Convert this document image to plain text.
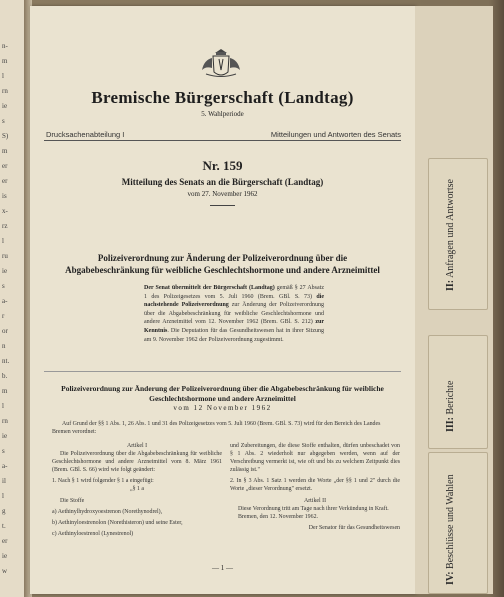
n-
m
l
rn
ie
s
S)
m
er
er
is
x-
rz
l
ru
ie
s
a-
r
or
n
nt.
b.
m
l
rn
ie
s
a-
il
l
g
t.
er
ie
w
Bremische Bürgerschaft (Landtag)
5. Wahlperiode
Drucksachenabteilung I	Mitteilungen und Antworten des Senats
Nr. 159
Mitteilung des Senats an die Bürgerschaft (Landtag)
vom 27. November 1962
Polizeiverordnung zur Änderung der Polizeiverordnung über die
Abgabebeschränkung für weibliche Geschlechtshormone und andere Arzneimittel
Der Senat übermittelt der Bürgerschaft (Landtag) gemäß § 27 Absatz 1 des Polizeigesetzes vom 5. Juli 1960 (Brem. GBl. S. 73) die nachstehende Polizeiverordnung zur Änderung der Polizeiverordnung über die Abgabebeschränkung für weibliche Geschlechtshormone und andere Arzneimittel vom 12. November 1962 (Brem. GBl. S. 212) zur Kenntnis. Die Deputation für das Gesundheitswesen hat in ihrer Sitzung am 9. November 1962 der Polizeiverordnung zugestimmt.
Polizeiverordnung zur Änderung der Polizeiverordnung über die Abgabebeschränkung für weibliche
Geschlechtshormone und andere Arzneimittel
vom 12 November 1962
Auf Grund der §§ 1 Abs. 1, 26 Abs. 1 und 31 des Polizeigesetzes vom 5. Juli 1960 (Brem. GBl. S. 73) wird für den Bereich des Landes Bremen verordnet:

Artikel I

Die Polizeiverordnung über die Abgabebeschränkung für weibliche Geschlechtshormone und andere Arzneimittel vom 8. März 1961 (Brem. GBl. S. 66) wird wie folgt geändert:

1. Nach § 1 wird folgender § 1 a eingefügt:

„§ 1 a

Die Stoffe

a) Aethinylhydroxyoestrenon (Norethynodrel),

b) Aethinyloestrenolon (Norethisteron) und seine Ester,

c) Aethinyloestrenol (Lynestrenol)

und Zubereitungen, die diese Stoffe enthalten, dürfen unbeschadet von § 1 Abs. 2 wiederholt nur abgegeben werden, wenn auf der Verschreibung vermerkt ist, wie oft und bis zu welchem Zeitpunkt dies zulässig ist."

2. In § 3 Abs. 1 Satz 1 werden die Worte „der §§ 1 und 2" durch die Worte „dieser Verordnung" ersetzt.

Artikel II

Diese Verordnung tritt am Tage nach ihrer Verkündung in Kraft.

Bremen, den 12. November 1962.

Der Senator für das Gesundheitswesen

— 1 —
II: Anfragen und Antwortse
III: Berichte
IV: Beschlüsse und Wahlen
